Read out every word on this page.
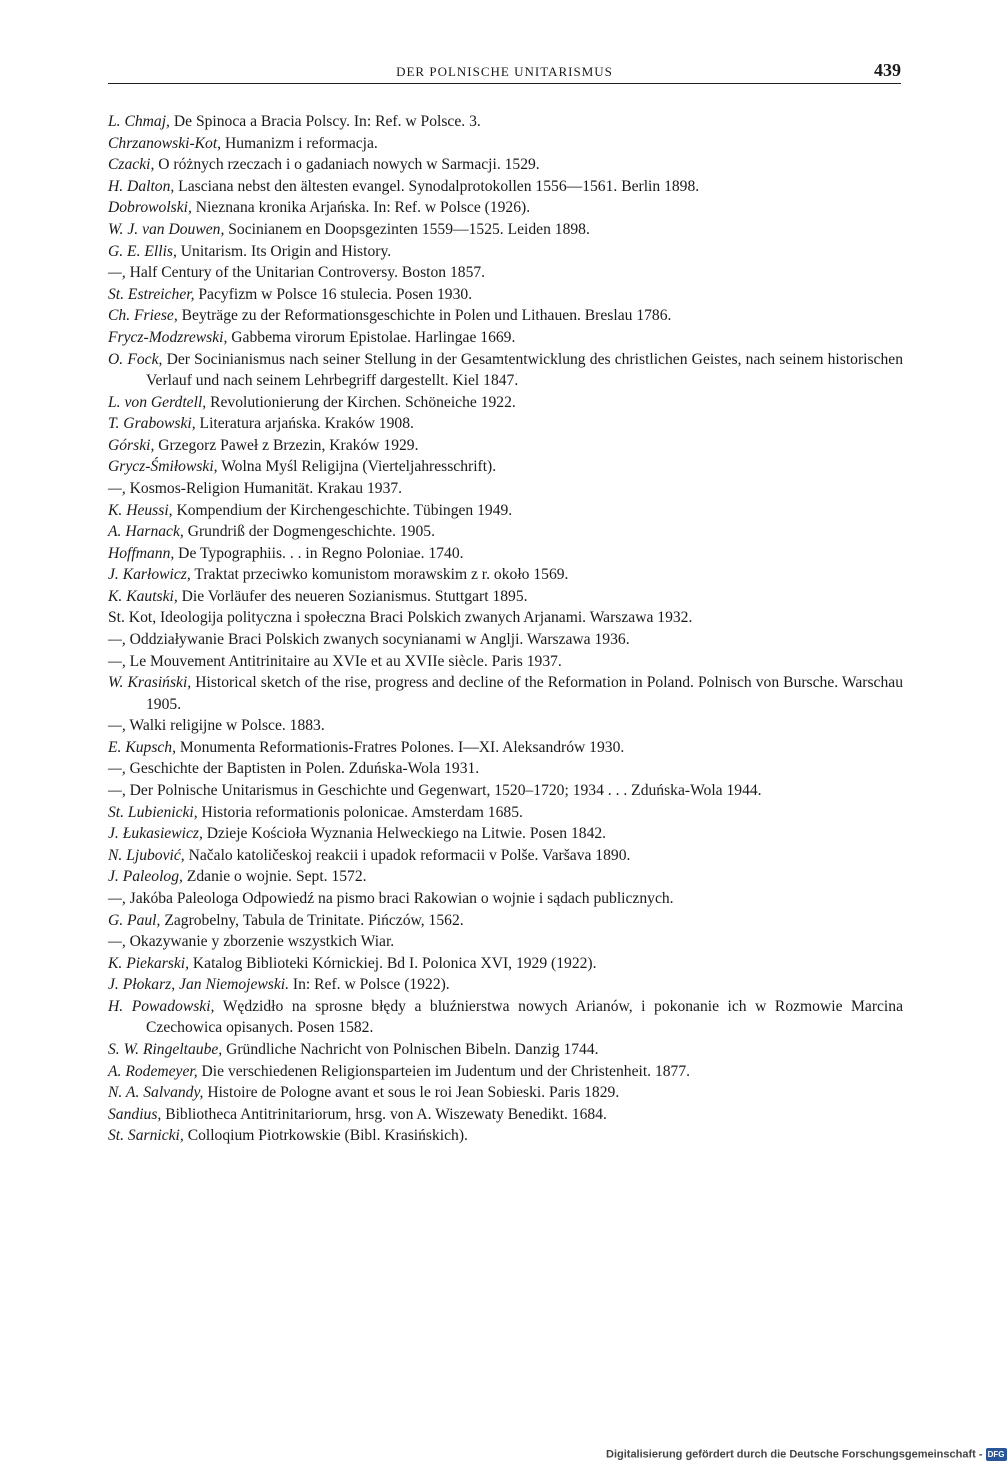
DER POLNISCHE UNITARISMUS	439
L. Chmaj, De Spinoca a Bracia Polscy. In: Ref. w Polsce. 3.
Chrzanowski-Kot, Humanizm i reformacja.
Czacki, O różnych rzeczach i o gadaniach nowych w Sarmacji. 1529.
H. Dalton, Lasciana nebst den ältesten evangel. Synodalprotokollen 1556—1561. Berlin 1898.
Dobrowolski, Nieznana kronika Arjańska. In: Ref. w Polsce (1926).
W. J. van Douwen, Socinianem en Doopsgezinten 1559—1525. Leiden 1898.
G. E. Ellis, Unitarism. Its Origin and History.
—, Half Century of the Unitarian Controversy. Boston 1857.
St. Estreicher, Pacyfizm w Polsce 16 stulecia. Posen 1930.
Ch. Friese, Beyträge zu der Reformationsgeschichte in Polen und Lithauen. Breslau 1786.
Frycz-Modzrewski, Gabbema virorum Epistolae. Harlingae 1669.
O. Fock, Der Socinianismus nach seiner Stellung in der Gesamtentwicklung des christlichen Geistes, nach seinem historischen Verlauf und nach seinem Lehrbegriff dargestellt. Kiel 1847.
L. von Gerdtell, Revolutionierung der Kirchen. Schöneiche 1922.
T. Grabowski, Literatura arjańska. Kraków 1908.
Górski, Grzegorz Paweł z Brzezin, Kraków 1929.
Grycz-Śmiłowski, Wolna Myśl Religijna (Vierteljahresschrift).
—, Kosmos-Religion Humanität. Krakau 1937.
K. Heussi, Kompendium der Kirchengeschichte. Tübingen 1949.
A. Harnack, Grundriß der Dogmengeschichte. 1905.
Hoffmann, De Typographiis. . . in Regno Poloniae. 1740.
J. Karłowicz, Traktat przeciwko komunistom morawskim z r. około 1569.
K. Kautski, Die Vorläufer des neueren Sozianismus. Stuttgart 1895.
St. Kot, Ideologija polityczna i społeczna Braci Polskich zwanych Arjanami. Warszawa 1932.
—, Oddziaływanie Braci Polskich zwanych socynianami w Anglji. Warszawa 1936.
—, Le Mouvement Antitrinitaire au XVIe et au XVIIe siècle. Paris 1937.
W. Krasiński, Historical sketch of the rise, progress and decline of the Reformation in Poland. Polnisch von Bursche. Warschau 1905.
—, Walki religijne w Polsce. 1883.
E. Kupsch, Monumenta Reformationis-Fratres Polones. I—XI. Aleksandrów 1930.
—, Geschichte der Baptisten in Polen. Zduńska-Wola 1931.
—, Der Polnische Unitarismus in Geschichte und Gegenwart, 1520–1720; 1934 . . . Zduńska-Wola 1944.
St. Lubienicki, Historia reformationis polonicae. Amsterdam 1685.
J. Łukasiewicz, Dzieje Kościoła Wyznania Helweckiego na Litwie. Posen 1842.
N. Ljubović, Načalo katoličeskoj reakcii i upadok reformacii v Polše. Varšava 1890.
J. Paleolog, Zdanie o wojnie. Sept. 1572.
—, Jakóba Paleologa Odpowiedź na pismo braci Rakowian o wojnie i sądach publicznych.
G. Paul, Zagrobelny, Tabula de Trinitate. Pińczów, 1562.
—, Okazywanie y zborzenie wszystkich Wiar.
K. Piekarski, Katalog Biblioteki Kórnickiej. Bd I. Polonica XVI, 1929 (1922).
J. Płokarz, Jan Niemojewski. In: Ref. w Polsce (1922).
H. Powadowski, Wędzidło na sprosne błędy a bluźnierstwa nowych Arianów, i pokonanie ich w Rozmowie Marcina Czechowica opisanych. Posen 1582.
S. W. Ringeltaube, Gründliche Nachricht von Polnischen Bibeln. Danzig 1744.
A. Rodemeyer, Die verschiedenen Religionsparteien im Judentum und der Christenheit. 1877.
N. A. Salvandy, Histoire de Pologne avant et sous le roi Jean Sobieski. Paris 1829.
Sandius, Bibliotheca Antitrinitariorum, hrsg. von A. Wiszewaty Benedikt. 1684.
St. Sarnicki, Colloqium Piotrkowskie (Bibl. Krasińskich).
Digitalisierung gefördert durch die Deutsche Forschungsgemeinschaft - DFG
